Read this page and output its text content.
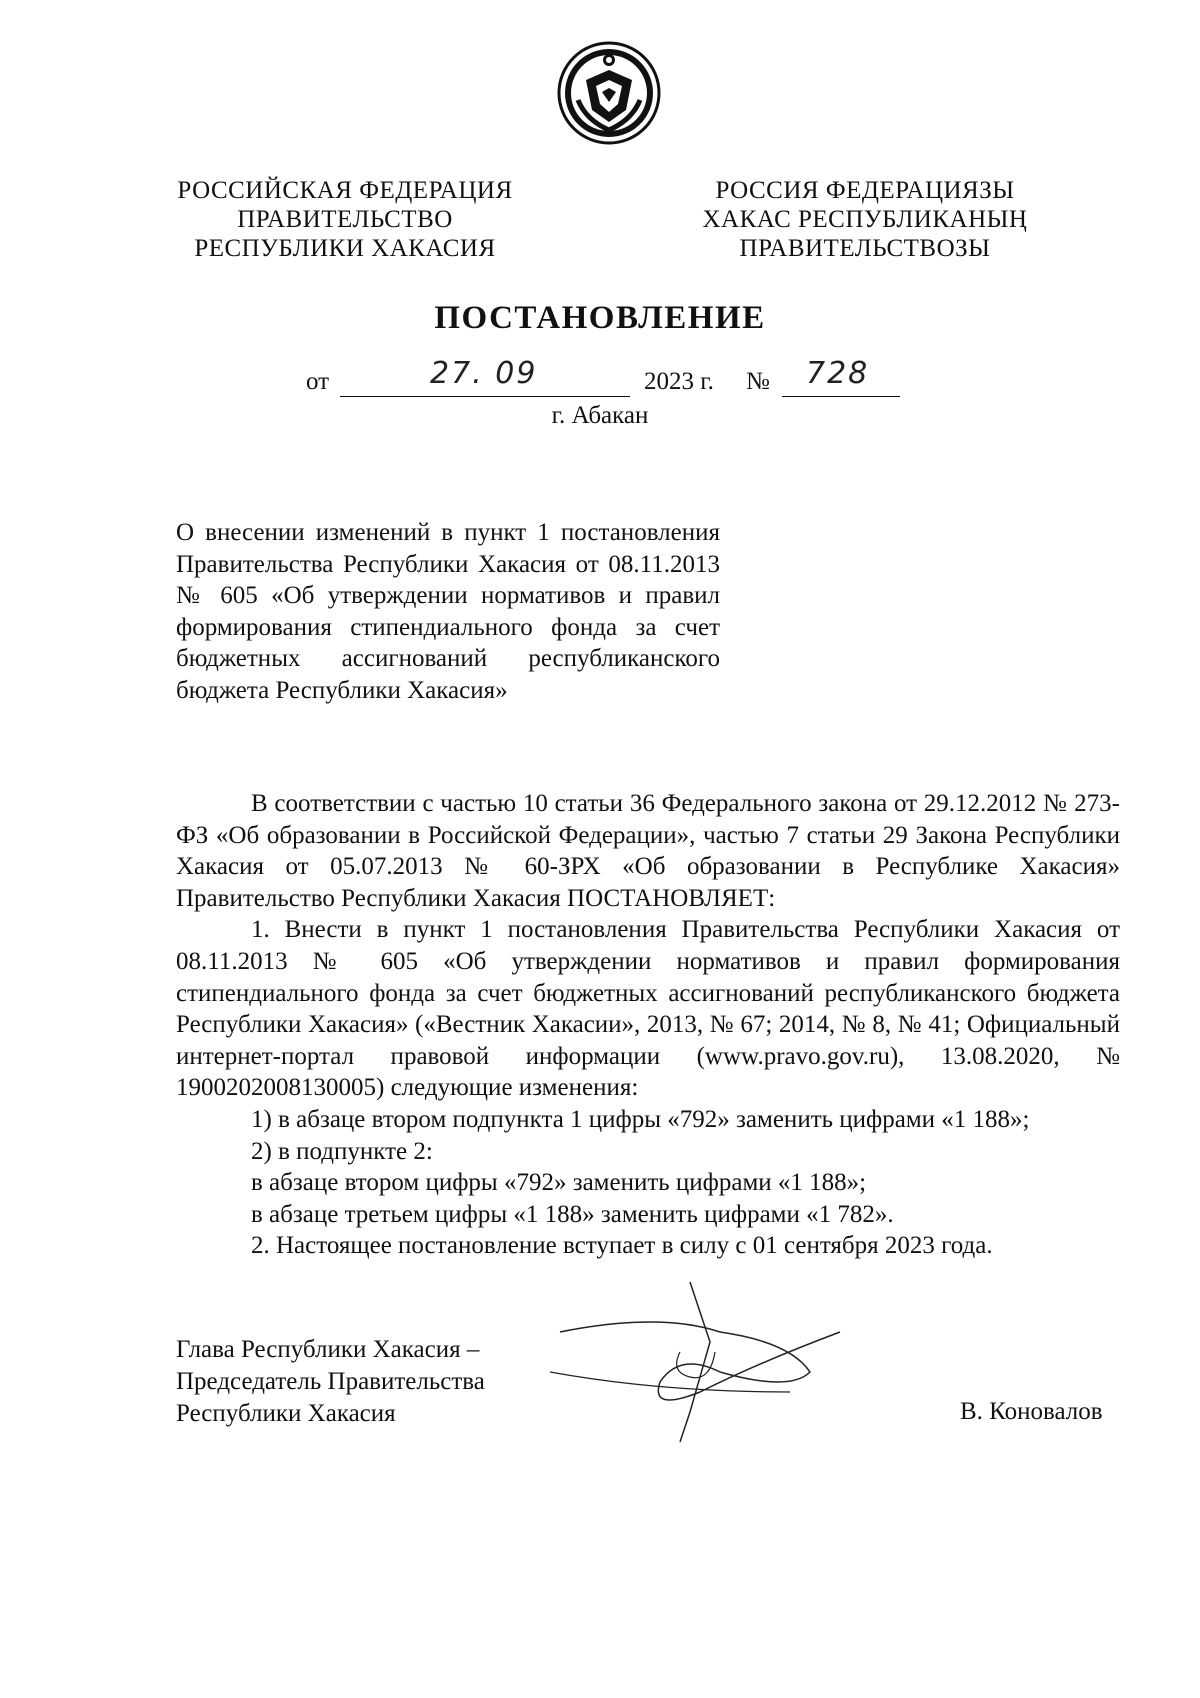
РОССИЙСКАЯ ФЕДЕРАЦИЯ
ПРАВИТЕЛЬСТВО
РЕСПУБЛИКИ ХАКАСИЯ
РОССИЯ ФЕДЕРАЦИЯЗЫ
ХАКАС РЕСПУБЛИКАНЫҢ
ПРАВИТЕЛЬСТВОЗЫ
ПОСТАНОВЛЕНИЕ
от	27. 09	2023 г. № 728
г. Абакан
О внесении изменений в пункт 1 постановления Правительства Республики Хакасия от 08.11.2013 № 605 «Об утверждении нормативов и правил формирования стипендиального фонда за счет бюджетных ассигнований республиканского бюджета Республики Хакасия»

В соответствии с частью 10 статьи 36 Федерального закона от 29.12.2012 № 273-ФЗ «Об образовании в Российской Федерации», частью 7 статьи 29 Закона Республики Хакасия от 05.07.2013 № 60-ЗРХ «Об образовании в Республике Хакасия» Правительство Республики Хакасия ПОСТАНОВЛЯЕТ:

1. Внести в пункт 1 постановления Правительства Республики Хакасия от 08.11.2013 № 605 «Об утверждении нормативов и правил формирования стипендиального фонда за счет бюджетных ассигнований республиканского бюджета Республики Хакасия» («Вестник Хакасии», 2013, № 67; 2014, № 8, № 41; Официальный интернет-портал правовой информации (www.pravo.gov.ru), 13.08.2020, № 1900202008130005) следующие изменения:

1) в абзаце втором подпункта 1 цифры «792» заменить цифрами «1 188»;

2) в подпункте 2:

в абзаце втором цифры «792» заменить цифрами «1 188»;

в абзаце третьем цифры «1 188» заменить цифрами «1 782».

2. Настоящее постановление вступает в силу с 01 сентября 2023 года.

Глава Республики Хакасия –
Председатель Правительства
Республики Хакасия	В. Коновалов
